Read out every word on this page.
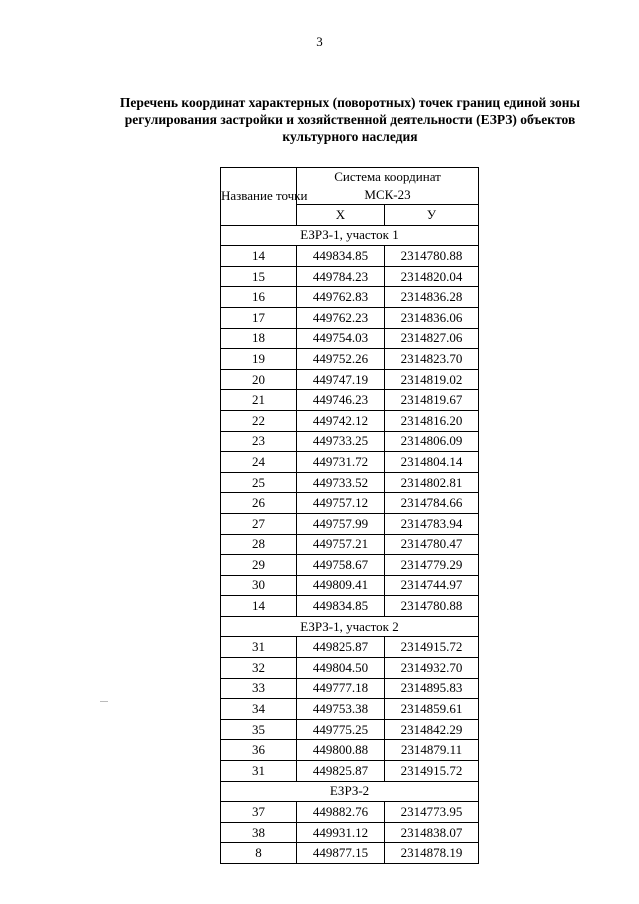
3
Перечень координат характерных (поворотных) точек границ единой зоны
регулирования застройки и хозяйственной деятельности (ЕЗРЗ) объектов
культурного наследия
Название точки	Система координат
МСК-23	
	Х	У
ЕЗРЗ-1, участок 1		
14	449834.85	2314780.88
15	449784.23	2314820.04
16	449762.83	2314836.28
17	449762.23	2314836.06
18	449754.03	2314827.06
19	449752.26	2314823.70
20	449747.19	2314819.02
21	449746.23	2314819.67
22	449742.12	2314816.20
23	449733.25	2314806.09
24	449731.72	2314804.14
25	449733.52	2314802.81
26	449757.12	2314784.66
27	449757.99	2314783.94
28	449757.21	2314780.47
29	449758.67	2314779.29
30	449809.41	2314744.97
14	449834.85	2314780.88
ЕЗРЗ-1, участок 2		
31	449825.87	2314915.72
32	449804.50	2314932.70
33	449777.18	2314895.83
34	449753.38	2314859.61
35	449775.25	2314842.29
36	449800.88	2314879.11
31	449825.87	2314915.72
ЕЗРЗ-2		
37	449882.76	2314773.95
38	449931.12	2314838.07
8	449877.15	2314878.19
